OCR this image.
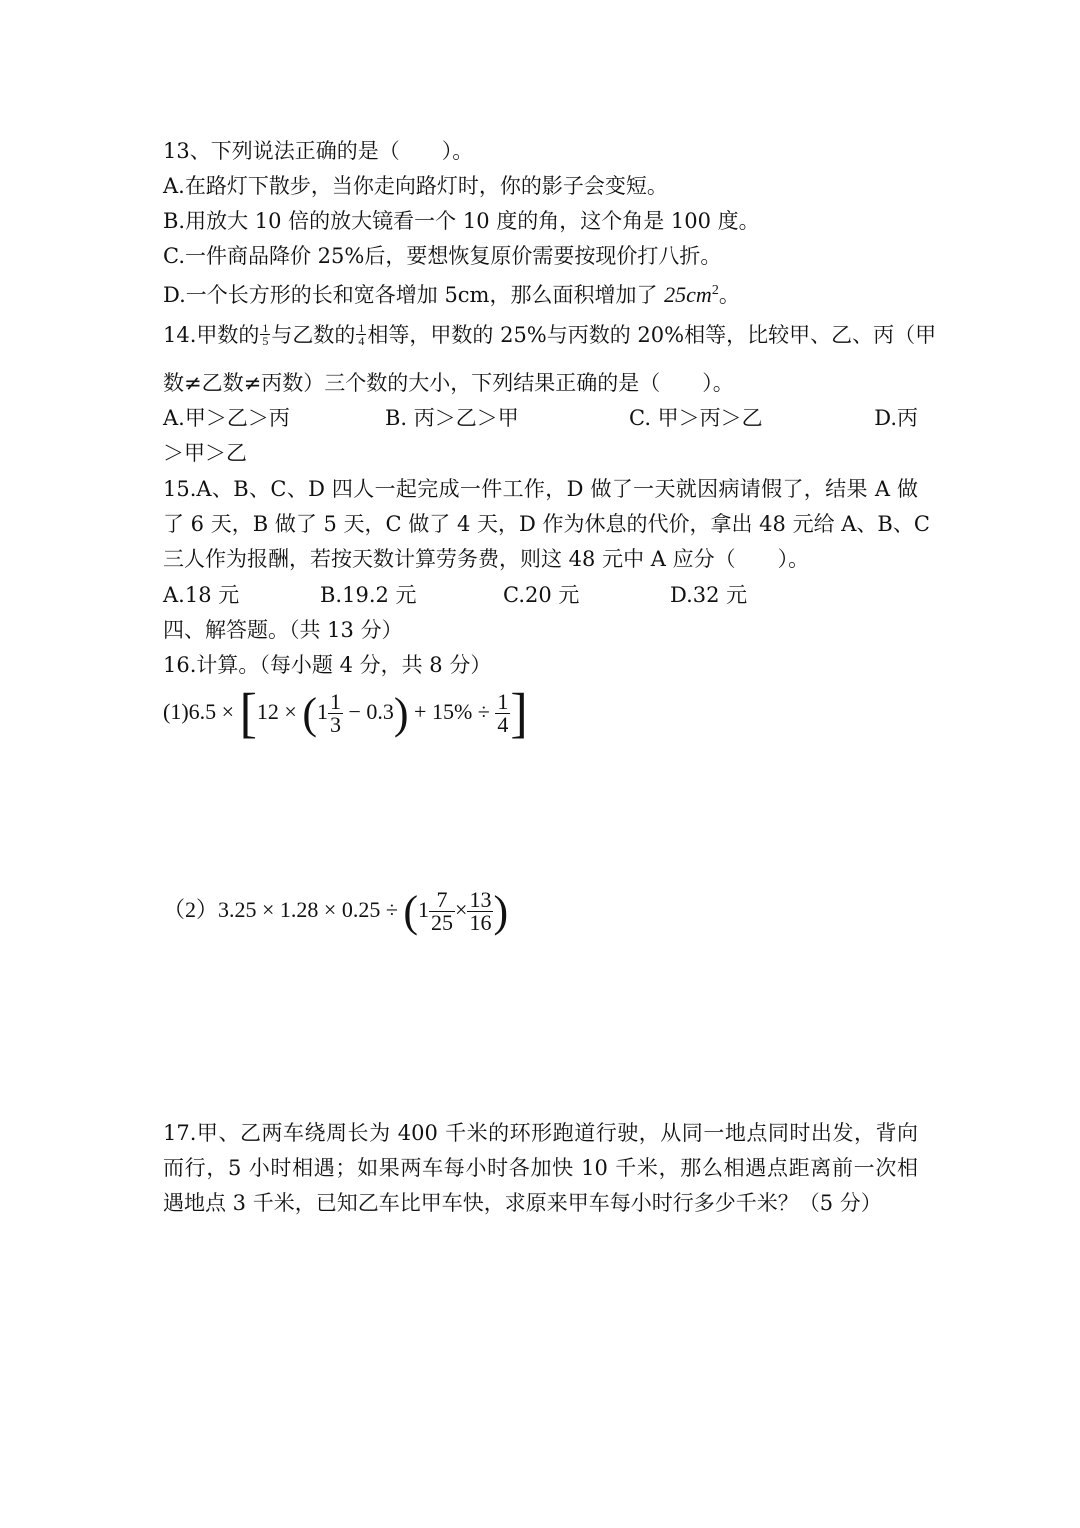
13、下列说法正确的是（　　）。
A.在路灯下散步，当你走向路灯时，你的影子会变短。
B.用放大 10 倍的放大镜看一个 10 度的角，这个角是 100 度。
C.一件商品降价 25%后，要想恢复原价需要按现价打八折。
D.一个长方形的长和宽各增加 5cm，那么面积增加了 $25cm^2$。
14.甲数的 $\frac{1}{5}$ 与乙数的 $\frac{1}{4}$ 相等，甲数的 25%与丙数的 20%相等，比较甲、乙、丙（甲
数≠乙数≠丙数）三个数的大小，下列结果正确的是（　　）。
A.甲＞乙＞丙	B. 丙＞乙＞甲	C. 甲＞丙＞乙	D.丙
＞甲＞乙
15.A、B、C、D 四人一起完成一件工作，D 做了一天就因病请假了，结果 A 做
了 6 天，B 做了 5 天，C 做了 4 天，D 作为休息的代价，拿出 48 元给 A、B、C
三人作为报酬，若按天数计算劳务费，则这 48 元中 A 应分（　　）。
A.18 元	B.19.2 元	C.20 元	D.32 元
四、解答题。（共 13 分）
16.计算。（每小题 4 分，共 8 分）
$(1)6.5 \times [12 \times (1 \frac{1}{3} - 0.3) + 15\% \div \frac{1}{4}$ ]
$(2)3.25 \times 1.28 \times 0.25 \div (1 \frac{7}{25} \times \frac{13}{16}$ )
17.甲、乙两车绕周长为 400 千米的环形跑道行驶，从同一地点同时出发，背向
而行，5 小时相遇；如果两车每小时各加快 10 千米，那么相遇点距离前一次相
遇地点 3 千米，已知乙车比甲车快，求原来甲车每小时行多少千米？（5 分）
